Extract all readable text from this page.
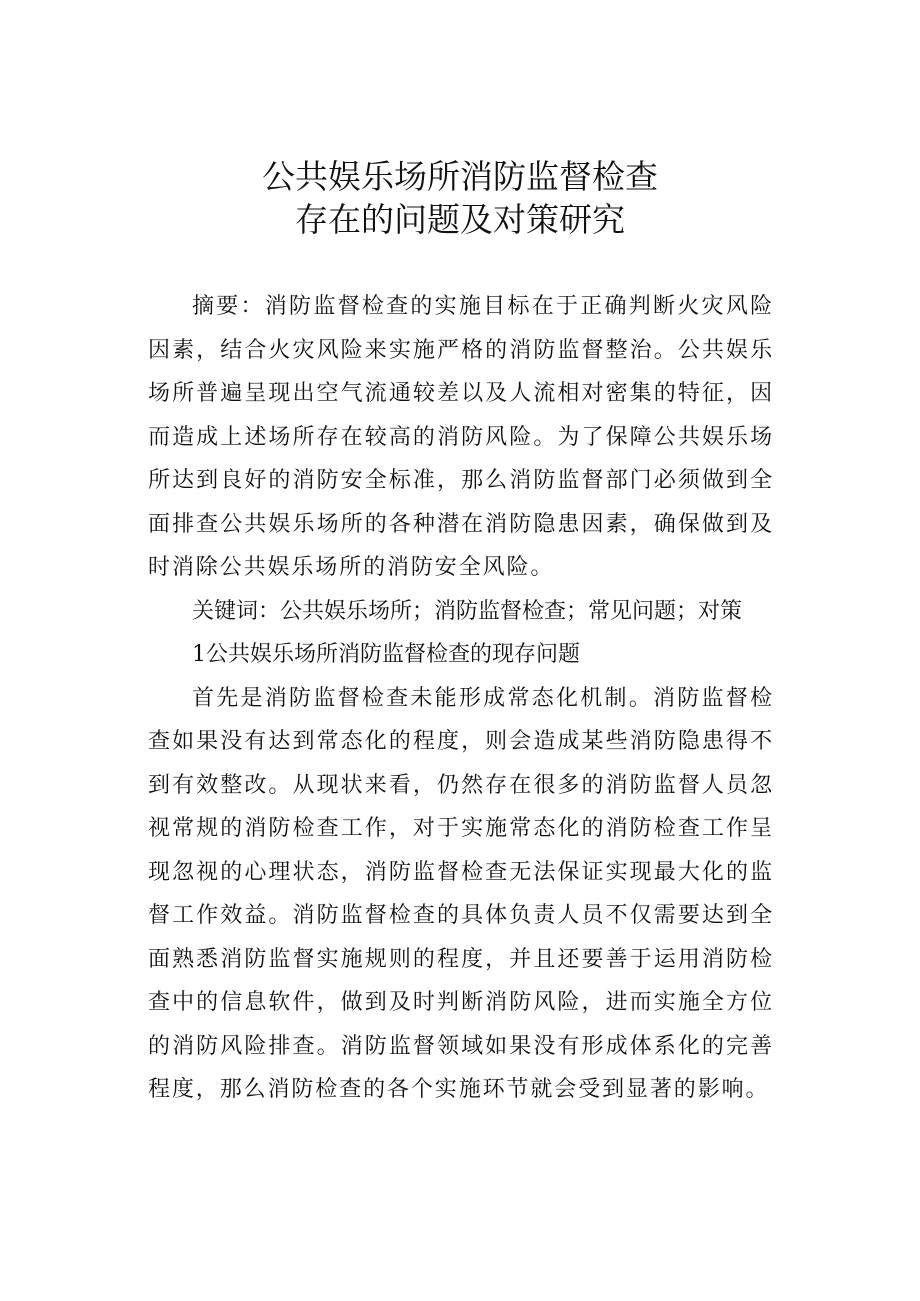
公共娱乐场所消防监督检查
存在的问题及对策研究

摘要：消防监督检查的实施目标在于正确判断火灾风险因素，结合火灾风险来实施严格的消防监督整治。公共娱乐场所普遍呈现出空气流通较差以及人流相对密集的特征，因而造成上述场所存在较高的消防风险。为了保障公共娱乐场所达到良好的消防安全标准，那么消防监督部门必须做到全面排查公共娱乐场所的各种潜在消防隐患因素，确保做到及时消除公共娱乐场所的消防安全风险。

关键词：公共娱乐场所；消防监督检查；常见问题；对策

1公共娱乐场所消防监督检查的现存问题

首先是消防监督检查未能形成常态化机制。消防监督检查如果没有达到常态化的程度，则会造成某些消防隐患得不到有效整改。从现状来看，仍然存在很多的消防监督人员忽视常规的消防检查工作，对于实施常态化的消防检查工作呈现忽视的心理状态，消防监督检查无法保证实现最大化的监督工作效益。消防监督检查的具体负责人员不仅需要达到全面熟悉消防监督实施规则的程度，并且还要善于运用消防检查中的信息软件，做到及时判断消防风险，进而实施全方位的消防风险排查。消防监督领域如果没有形成体系化的完善程度，那么消防检查的各个实施环节就会受到显著的影响。
